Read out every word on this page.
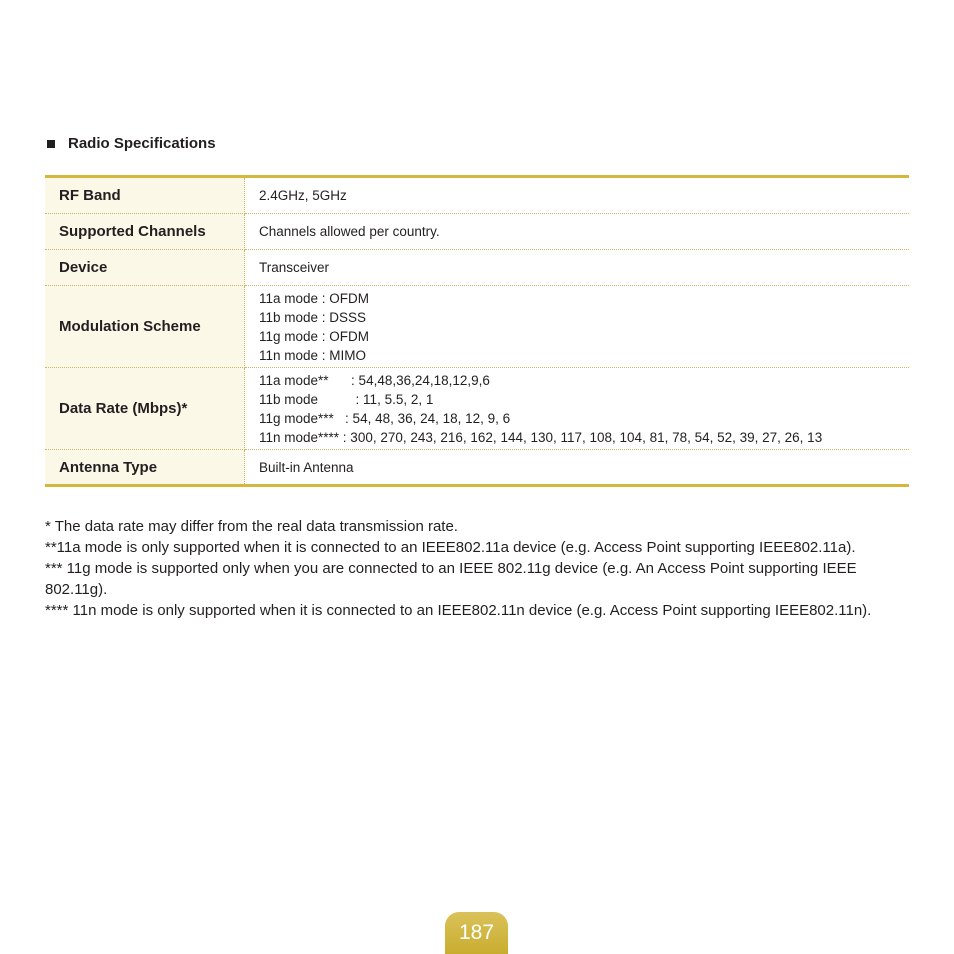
Radio Specifications
RF Band	2.4GHz, 5GHz

Supported Channels	Channels allowed per country.

Device	Transceiver

Modulation Scheme	11a mode : OFDM
11b mode : DSSS
11g mode : OFDM
11n mode : MIMO

Data Rate (Mbps)*	11a mode**      : 54,48,36,24,18,12,9,6
11b mode          : 11, 5.5, 2, 1
11g mode***   : 54, 48, 36, 24, 18, 12, 9, 6
11n mode**** : 300, 270, 243, 216, 162, 144, 130, 117, 108, 104, 81, 78, 54, 52, 39, 27, 26, 13

Antenna Type	Built-in Antenna

* The data rate may differ from the real data transmission rate.

**11a mode is only supported when it is connected to an IEEE802.11a device (e.g. Access Point supporting IEEE802.11a).

*** 11g mode is supported only when you are connected to an IEEE 802.11g device (e.g. An Access Point supporting IEEE 802.11g).

**** 11n mode is only supported when it is connected to an IEEE802.11n device (e.g. Access Point supporting IEEE802.11n).

187
